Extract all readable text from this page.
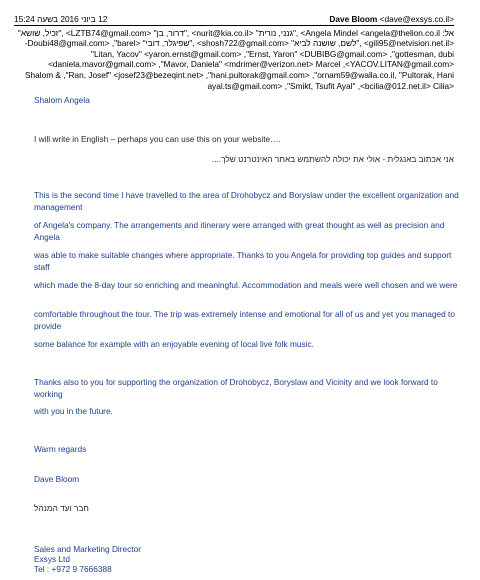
12 ביוני 2016 בשעה 15:24	Dave Bloom <dave@exsys.co.il>
אל: Angela Mindel <angela@thelion.co.il> ,"גנני, נורית" <nurit@kia.co.il> ,"דרור, בן" <LZTB74@gmail.com> ,"זכיל, שושא"
<gili95@netvision.net.il> ,"לשם, שושנה לביא" <shosh722@gmail.com> ,"שפיגלר, דובי" <Doubi48@gmail.com> ,"barel-
Litan, Yacov" <yaron.ernst@gmail.com> ,"Ernst, Yaron" <DUBIBG@gmail.com> ,"gottesman, dubi"
<daniela.mavor@gmail.com> ,"Mavor, Daniela" <mdrimer@verizon.net> Marcel ,<YACOV.LITAN@gmail.com>
Shalom & ,"Ran, Josef" <josef23@bezeqint.net> ,"hani.pultorak@gmail.com> ,"ornam59@walla.co.il, "Pultorak, Hani
<ayal.ts@gmail.com> ,"Smikt, Tsufit Ayal" ,<bcilia@012.net.il> Cilia

Shalom Angela

I will write in English – perhaps you can use this on your website….

אני אכתוב באנגלית - אולי את יכולה להשתמש באתר האינטרנט שלך....

This is the second time I have travelled to the area of Drohobycz and Boryslaw under the excellent organization and management

of Angela's company. The arrangements and itinerary were arranged with great thought as well as precision and Angela

was able to make suitable changes where appropriate. Thanks to you Angela for providing top guides and support staff

which made the 8-day tour so enriching and meaningful. Accommodation and meals were well chosen and we were

comfortable throughout the tour. The trip was extremely intense and emotional for all of us and yet you managed to provide

some balance for example with an enjoyable evening of local live folk music.

Thanks also to you for supporting the organization of Drohobycz, Boryslaw and Vicinity and we look forward to working

with you in the future.

Warm regards

Dave Bloom

חבר ועד המנהל

Sales and Marketing Director

Exsys Ltd

Tel : +972 9 7666388
